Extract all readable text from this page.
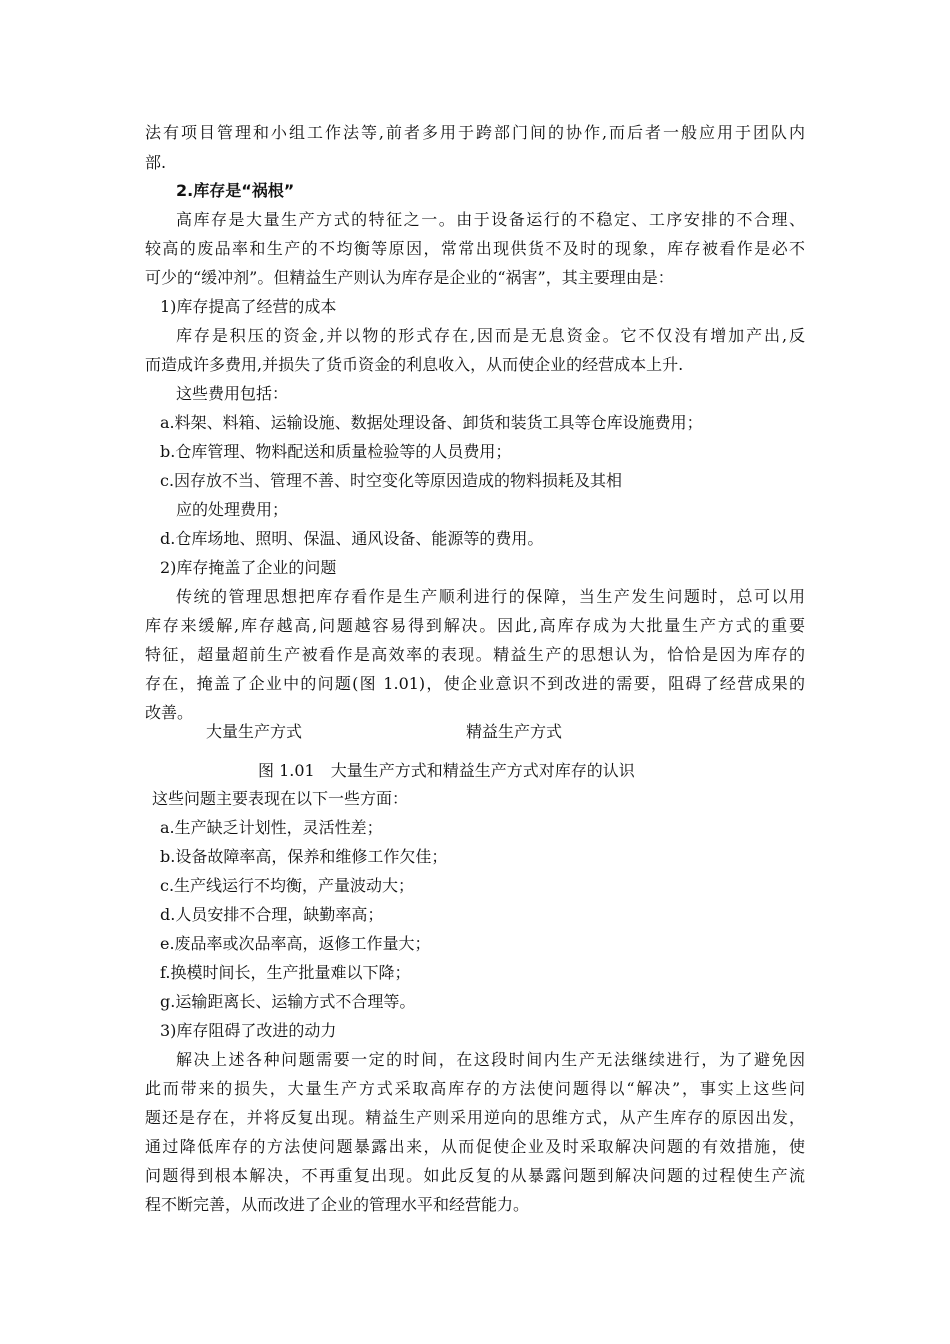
法有项目管理和小组工作法等,前者多用于跨部门间的协作,而后者一般应用于团队内
部.
2.库存是“祸根”
高库存是大量生产方式的特征之一。由于设备运行的不稳定、工序安排的不合理、
较高的废品率和生产的不均衡等原因，常常出现供货不及时的现象，库存被看作是必不
可少的“缓冲剂”。但精益生产则认为库存是企业的“祸害”，其主要理由是：
1)库存提高了经营的成本
库存是积压的资金,并以物的形式存在,因而是无息资金。它不仅没有增加产出,反
而造成许多费用,并损失了货币资金的利息收入，从而使企业的经营成本上升.
这些费用包括：
a.料架、料箱、运输设施、数据处理设备、卸货和装货工具等仓库设施费用；
b.仓库管理、物料配送和质量检验等的人员费用；
c.因存放不当、管理不善、时空变化等原因造成的物料损耗及其相
应的处理费用；
d.仓库场地、照明、保温、通风设备、能源等的费用。
2)库存掩盖了企业的问题
传统的管理思想把库存看作是生产顺利进行的保障，当生产发生问题时，总可以用
库存来缓解,库存越高,问题越容易得到解决。因此,高库存成为大批量生产方式的重要
特征，超量超前生产被看作是高效率的表现。精益生产的思想认为，恰恰是因为库存的
存在，掩盖了企业中的问题(图 1.01)，使企业意识不到改进的需要，阻碍了经营成果的
改善。
大量生产方式	精益生产方式
图 1.01　大量生产方式和精益生产方式对库存的认识
这些问题主要表现在以下一些方面：
a.生产缺乏计划性，灵活性差；
b.设备故障率高，保养和维修工作欠佳；
c.生产线运行不均衡，产量波动大；
d.人员安排不合理，缺勤率高；
e.废品率或次品率高，返修工作量大；
f.换模时间长，生产批量难以下降；
g.运输距离长、运输方式不合理等。
3)库存阻碍了改进的动力
解决上述各种问题需要一定的时间，在这段时间内生产无法继续进行，为了避免因
此而带来的损失，大量生产方式采取高库存的方法使问题得以“解决”，事实上这些问
题还是存在，并将反复出现。精益生产则采用逆向的思维方式，从产生库存的原因出发，
通过降低库存的方法使问题暴露出来，从而促使企业及时采取解决问题的有效措施，使
问题得到根本解决，不再重复出现。如此反复的从暴露问题到解决问题的过程使生产流
程不断完善，从而改进了企业的管理水平和经营能力。
